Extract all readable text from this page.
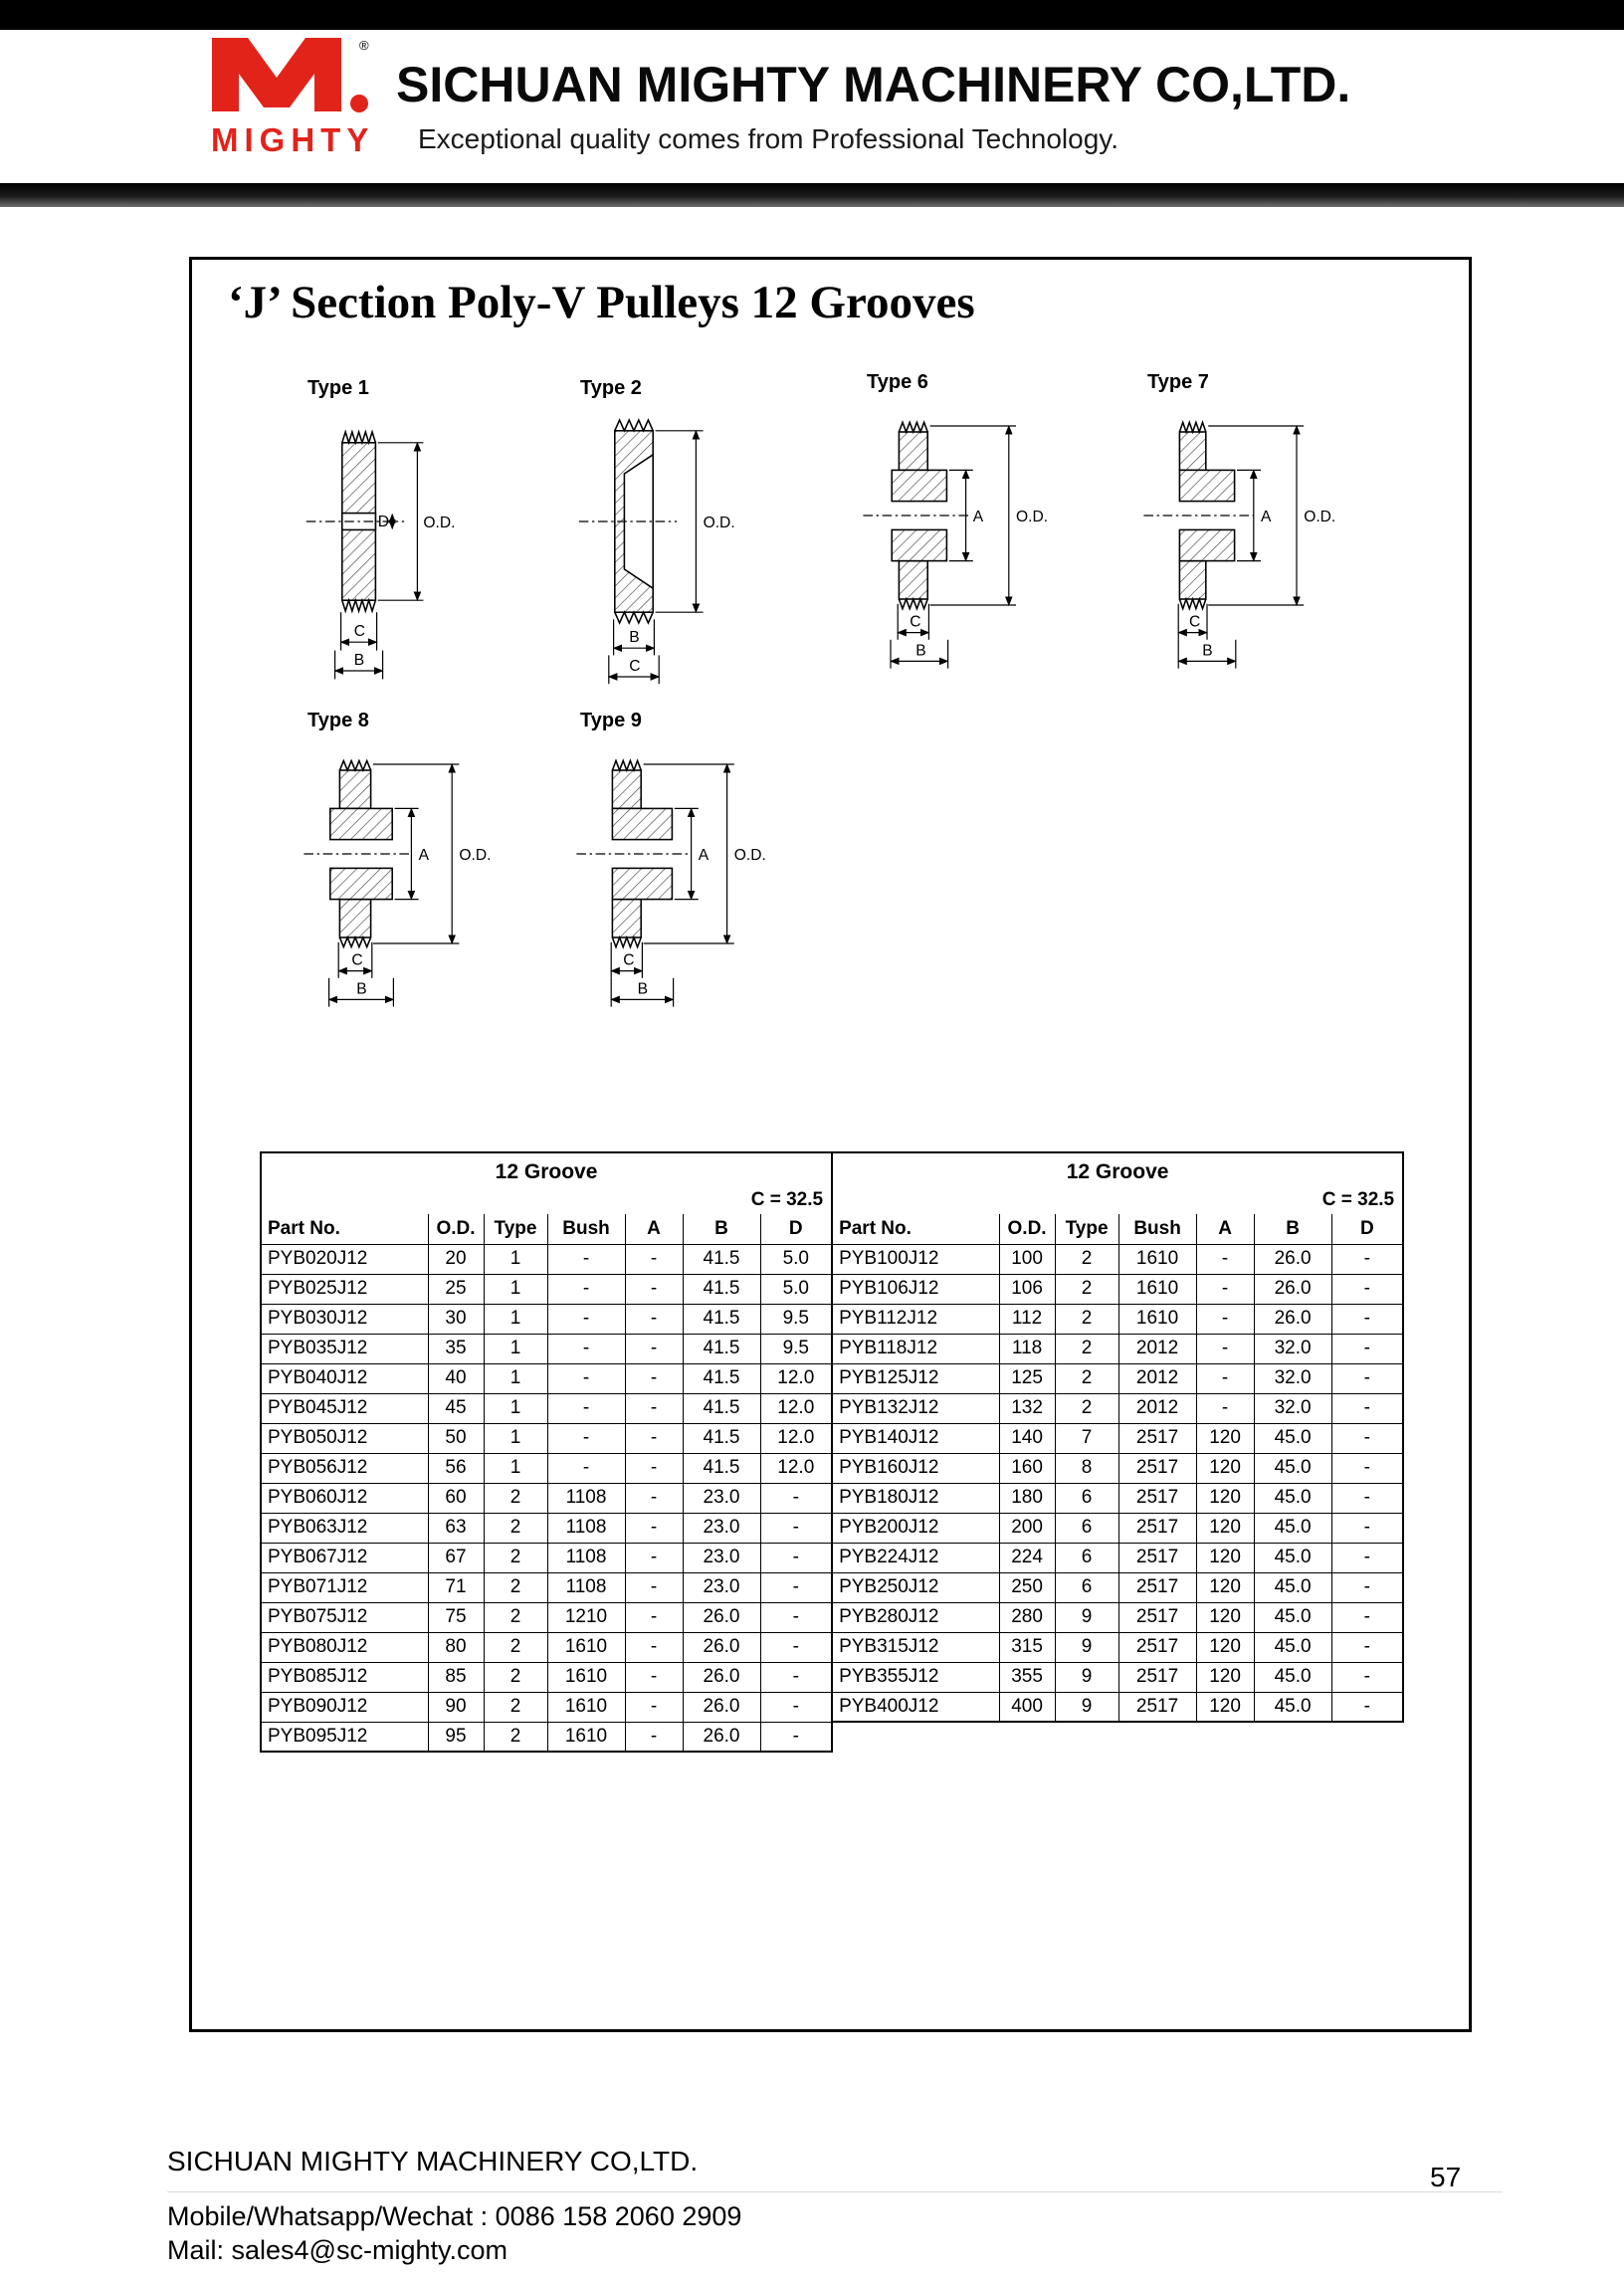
®
MIGHTY
SICHUAN MIGHTY MACHINERY CO,LTD.
Exceptional quality comes from Professional Technology.
‘J’ Section Poly-V Pulleys 12 Grooves
Type 1
D	O.D.
C
B
Type 2
O.D.
B
C
Type 6
A	O.D.
C
B
Type 7
A	O.D.
C
B
Type 8
A O.D.
C
B
Type 9
A O.D.
C
B
12 Groove						
C = 32.5						
Part No.	O.D.	Type	Bush	A	B	D
PYB020J12	20	1	-	-	41.5	5.0
PYB025J12	25	1	-	-	41.5	5.0
PYB030J12	30	1	-	-	41.5	9.5
PYB035J12	35	1	-	-	41.5	9.5
PYB040J12	40	1	-	-	41.5	12.0
PYB045J12	45	1	-	-	41.5	12.0
PYB050J12	50	1	-	-	41.5	12.0
PYB056J12	56	1	-	-	41.5	12.0
PYB060J12	60	2	1108	-	23.0	-
PYB063J12	63	2	1108	-	23.0	-
PYB067J12	67	2	1108	-	23.0	-
PYB071J12	71	2	1108	-	23.0	-
PYB075J12	75	2	1210	-	26.0	-
PYB080J12	80	2	1610	-	26.0	-
PYB085J12	85	2	1610	-	26.0	-
PYB090J12	90	2	1610	-	26.0	-
PYB095J12	95	2	1610	-	26.0	-
12 Groove						
C = 32.5						
Part No.	O.D.	Type	Bush	A	B	D
PYB100J12	100	2	1610	-	26.0	-
PYB106J12	106	2	1610	-	26.0	-
PYB112J12	112	2	1610	-	26.0	-
PYB118J12	118	2	2012	-	32.0	-
PYB125J12	125	2	2012	-	32.0	-
PYB132J12	132	2	2012	-	32.0	-
PYB140J12	140	7	2517	120	45.0	-
PYB160J12	160	8	2517	120	45.0	-
PYB180J12	180	6	2517	120	45.0	-
PYB200J12	200	6	2517	120	45.0	-
PYB224J12	224	6	2517	120	45.0	-
PYB250J12	250	6	2517	120	45.0	-
PYB280J12	280	9	2517	120	45.0	-
PYB315J12	315	9	2517	120	45.0	-
PYB355J12	355	9	2517	120	45.0	-
PYB400J12	400	9	2517	120	45.0	-
SICHUAN MIGHTY MACHINERY CO,LTD.
57
Mobile/Whatsapp/Wechat : 0086 158 2060 2909
Mail: sales4@sc-mighty.com
